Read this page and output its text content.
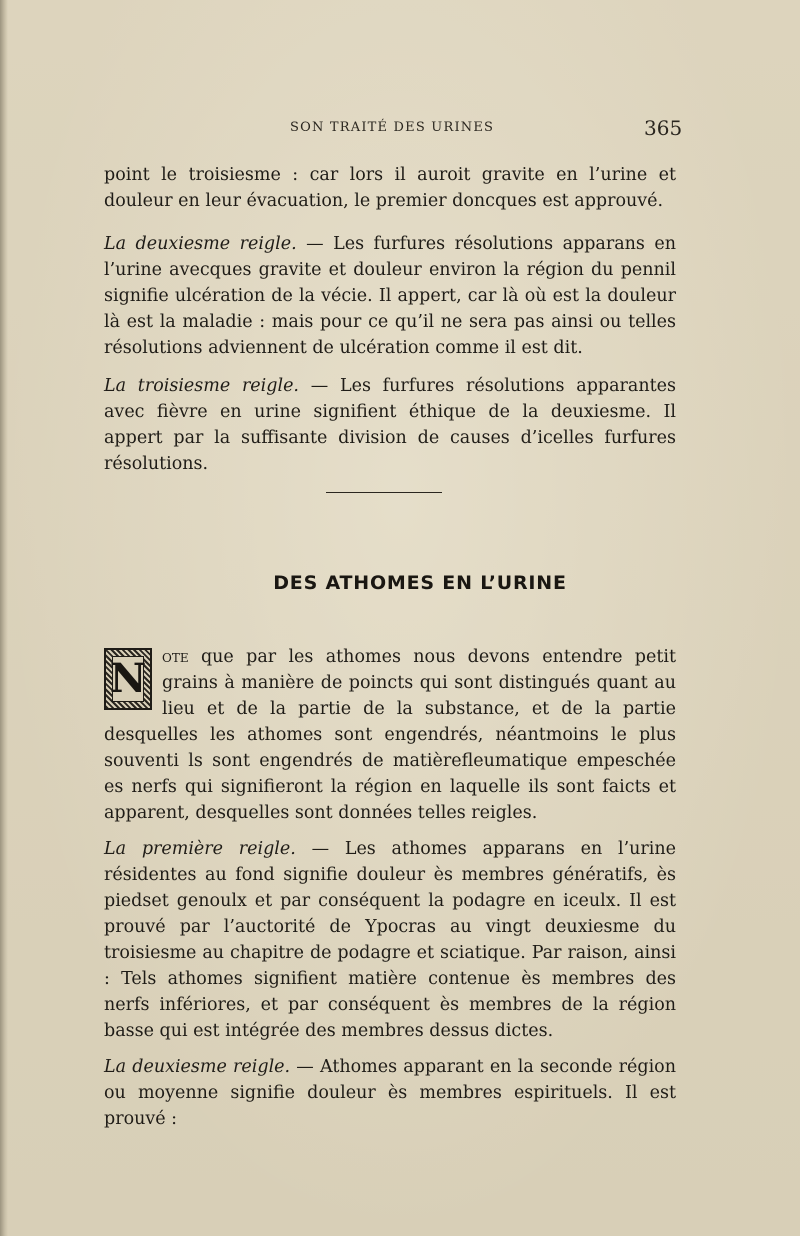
SON TRAITÉ DES URINES	365

point le troisiesme : car lors il auroit gravite en l’urine et douleur en leur évacuation, le premier doncques est approuvé.

La deuxiesme reigle. — Les furfures résolutions apparans en l’urine avecques gravite et douleur environ la région du pennil signifie ulcération de la vécie. Il appert, car là où est la douleur là est la maladie : mais pour ce qu’il ne sera pas ainsi ou telles résolutions adviennent de ulcération comme il est dit.

La troisiesme reigle. — Les furfures résolutions apparantes avec fièvre en urine signifient éthique de la deuxiesme. Il appert par la suffisante division de causes d’icelles furfures résolutions.

DES ATHOMES EN L’URINE
N ote que par les athomes nous devons entendre petit grains à manière de poincts qui sont distingués quant au lieu et de la partie de la substance, et de la partie desquelles les athomes sont engendrés, néantmoins le plus souventi ls sont engendrés de matièrefleumatique empeschée es nerfs qui signifieront la région en laquelle ils sont faicts et apparent, desquelles sont données telles reigles.

La première reigle. — Les athomes apparans en l’urine résidentes au fond signifie douleur ès membres génératifs, ès piedset genoulx et par conséquent la podagre en iceulx. Il est prouvé par l’auctorité de Ypocras au vingt deuxiesme du troisiesme au chapitre de podagre et sciatique. Par raison, ainsi : Tels athomes signifient matière contenue ès membres des nerfs infériores, et par conséquent ès membres de la région basse qui est intégrée des membres dessus dictes.

La deuxiesme reigle. — Athomes apparant en la seconde région ou moyenne signifie douleur ès membres espirituels. Il est prouvé :
